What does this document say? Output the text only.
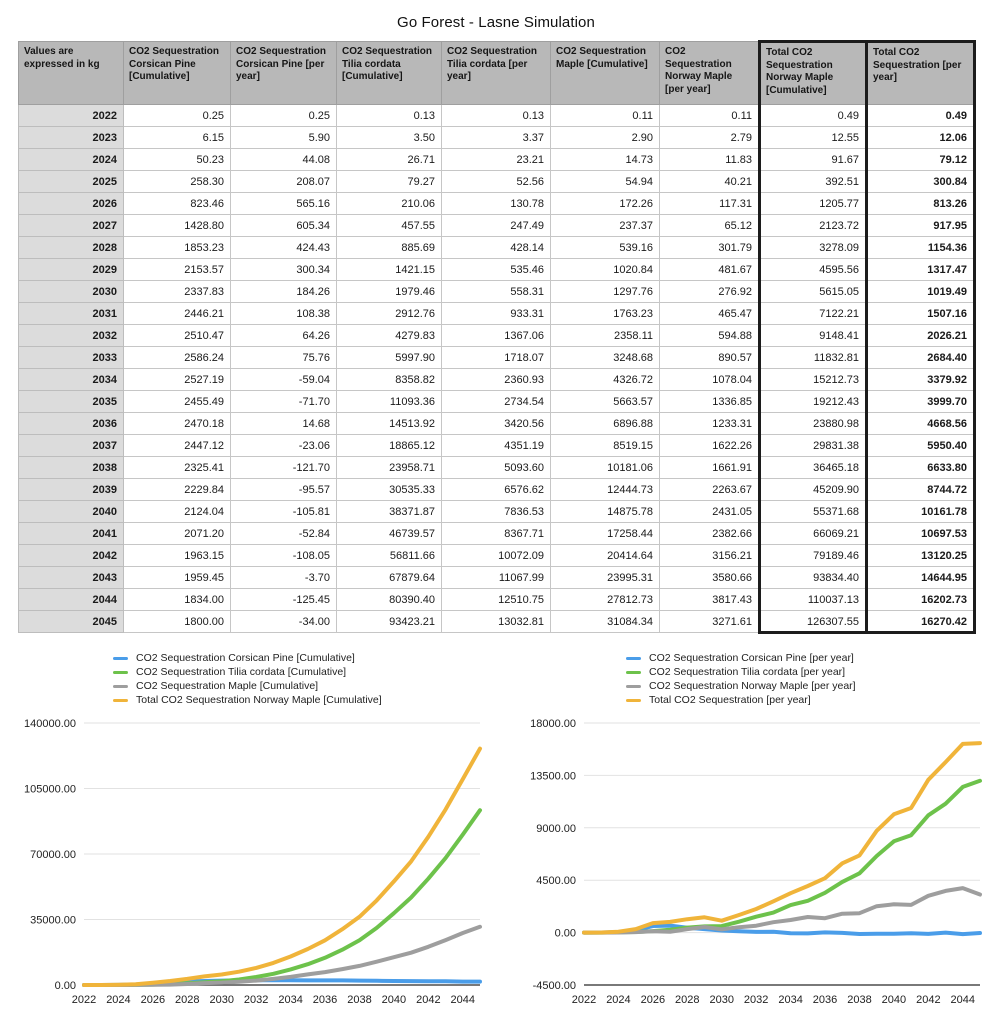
Go Forest - Lasne Simulation
Values are expressed in kg	CO2 Sequestration Corsican Pine [Cumulative]	CO2 Sequestration Corsican Pine [per year]	CO2 Sequestration Tilia cordata [Cumulative]	CO2 Sequestration Tilia cordata [per year]	CO2 Sequestration Maple [Cumulative]	CO2 Sequestration Norway Maple [per year]	Total CO2 Sequestration Norway Maple [Cumulative]	Total CO2 Sequestration [per year]
2022	0.25	0.25	0.13	0.13	0.11	0.11	0.49	0.49
2023	6.15	5.90	3.50	3.37	2.90	2.79	12.55	12.06
2024	50.23	44.08	26.71	23.21	14.73	11.83	91.67	79.12
2025	258.30	208.07	79.27	52.56	54.94	40.21	392.51	300.84
2026	823.46	565.16	210.06	130.78	172.26	117.31	1205.77	813.26
2027	1428.80	605.34	457.55	247.49	237.37	65.12	2123.72	917.95
2028	1853.23	424.43	885.69	428.14	539.16	301.79	3278.09	1154.36
2029	2153.57	300.34	1421.15	535.46	1020.84	481.67	4595.56	1317.47
2030	2337.83	184.26	1979.46	558.31	1297.76	276.92	5615.05	1019.49
2031	2446.21	108.38	2912.76	933.31	1763.23	465.47	7122.21	1507.16
2032	2510.47	64.26	4279.83	1367.06	2358.11	594.88	9148.41	2026.21
2033	2586.24	75.76	5997.90	1718.07	3248.68	890.57	11832.81	2684.40
2034	2527.19	-59.04	8358.82	2360.93	4326.72	1078.04	15212.73	3379.92
2035	2455.49	-71.70	11093.36	2734.54	5663.57	1336.85	19212.43	3999.70
2036	2470.18	14.68	14513.92	3420.56	6896.88	1233.31	23880.98	4668.56
2037	2447.12	-23.06	18865.12	4351.19	8519.15	1622.26	29831.38	5950.40
2038	2325.41	-121.70	23958.71	5093.60	10181.06	1661.91	36465.18	6633.80
2039	2229.84	-95.57	30535.33	6576.62	12444.73	2263.67	45209.90	8744.72
2040	2124.04	-105.81	38371.87	7836.53	14875.78	2431.05	55371.68	10161.78
2041	2071.20	-52.84	46739.57	8367.71	17258.44	2382.66	66069.21	10697.53
2042	1963.15	-108.05	56811.66	10072.09	20414.64	3156.21	79189.46	13120.25
2043	1959.45	-3.70	67879.64	11067.99	23995.31	3580.66	93834.40	14644.95
2044	1834.00	-125.45	80390.40	12510.75	27812.73	3817.43	110037.13	16202.73
2045	1800.00	-34.00	93423.21	13032.81	31084.34	3271.61	126307.55	16270.42
CO2 Sequestration Corsican Pine [Cumulative]
CO2 Sequestration Tilia cordata [Cumulative]
CO2 Sequestration Maple [Cumulative]
Total CO2 Sequestration Norway Maple [Cumulative]
0.00
35000.00
70000.00
105000.00
140000.00
2022 2024 2026 2028 2030 2032 2034 2036 2038 2040 2042 2044
CO2 Sequestration Corsican Pine [per year]
CO2 Sequestration Tilia cordata [per year]
CO2 Sequestration Norway Maple [per year]
Total CO2 Sequestration [per year]
-4500.00
0.00
4500.00
9000.00
13500.00
18000.00
2022 2024 2026 2028 2030 2032 2034 2036 2038 2040 2042 2044
